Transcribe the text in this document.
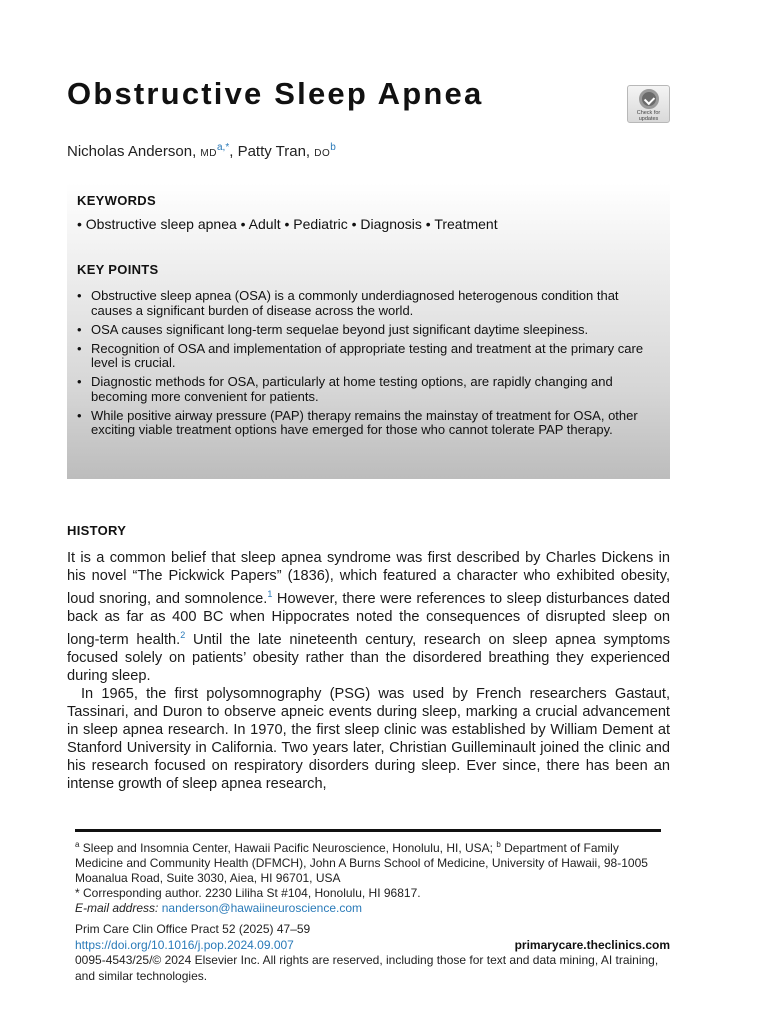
Obstructive Sleep Apnea
Check for updates
Nicholas Anderson, $MD^{a,*}$, Patty Tran, $DO^b$
KEYWORDS
• Obstructive sleep apnea • Adult • Pediatric • Diagnosis • Treatment
KEY POINTS
• Obstructive sleep apnea (OSA) is a commonly underdiagnosed heterogenous condition that causes a significant burden of disease across the world.
• OSA causes significant long-term sequelae beyond just significant daytime sleepiness.
• Recognition of OSA and implementation of appropriate testing and treatment at the primary care level is crucial.
• Diagnostic methods for OSA, particularly at home testing options, are rapidly changing and becoming more convenient for patients.
• While positive airway pressure (PAP) therapy remains the mainstay of treatment for OSA, other exciting viable treatment options have emerged for those who cannot tolerate PAP therapy.
HISTORY

It is a common belief that sleep apnea syndrome was first described by Charles Dickens in his novel “The Pickwick Papers” (1836), which featured a character who exhibited obesity, loud snoring, and somnolence.$^1$ However, there were references to sleep disturbances dated back as far as 400 BC when Hippocrates noted the consequences of disrupted sleep on long-term health.$^2$ Until the late nineteenth century, research on sleep apnea symptoms focused solely on patients’ obesity rather than the disordered breathing they experienced during sleep.

In 1965, the first polysomnography (PSG) was used by French researchers Gastaut, Tassinari, and Duron to observe apneic events during sleep, marking a crucial advancement in sleep apnea research. In 1970, the first sleep clinic was established by William Dement at Stanford University in California. Two years later, Christian Guilleminault joined the clinic and his research focused on respiratory disorders during sleep. Ever since, there has been an intense growth of sleep apnea research,

$^a$ Sleep and Insomnia Center, Hawaii Pacific Neuroscience, Honolulu, HI, USA; $^b$ Department of Family Medicine and Community Health (DFMCH), John A Burns School of Medicine, University of Hawaii, 98-1005 Moanalua Road, Suite 3030, Aiea, HI 96701, USA
* Corresponding author. 2230 Liliha St #104, Honolulu, HI 96817.
E-mail address: nanderson@hawaiineuroscience.com
Prim Care Clin Office Pract 52 (2025) 47–59
https://doi.org/10.1016/j.pop.2024.09.007	primarycare.theclinics.com
0095-4543/25/© 2024 Elsevier Inc. All rights are reserved, including those for text and data mining, AI training, and similar technologies.
